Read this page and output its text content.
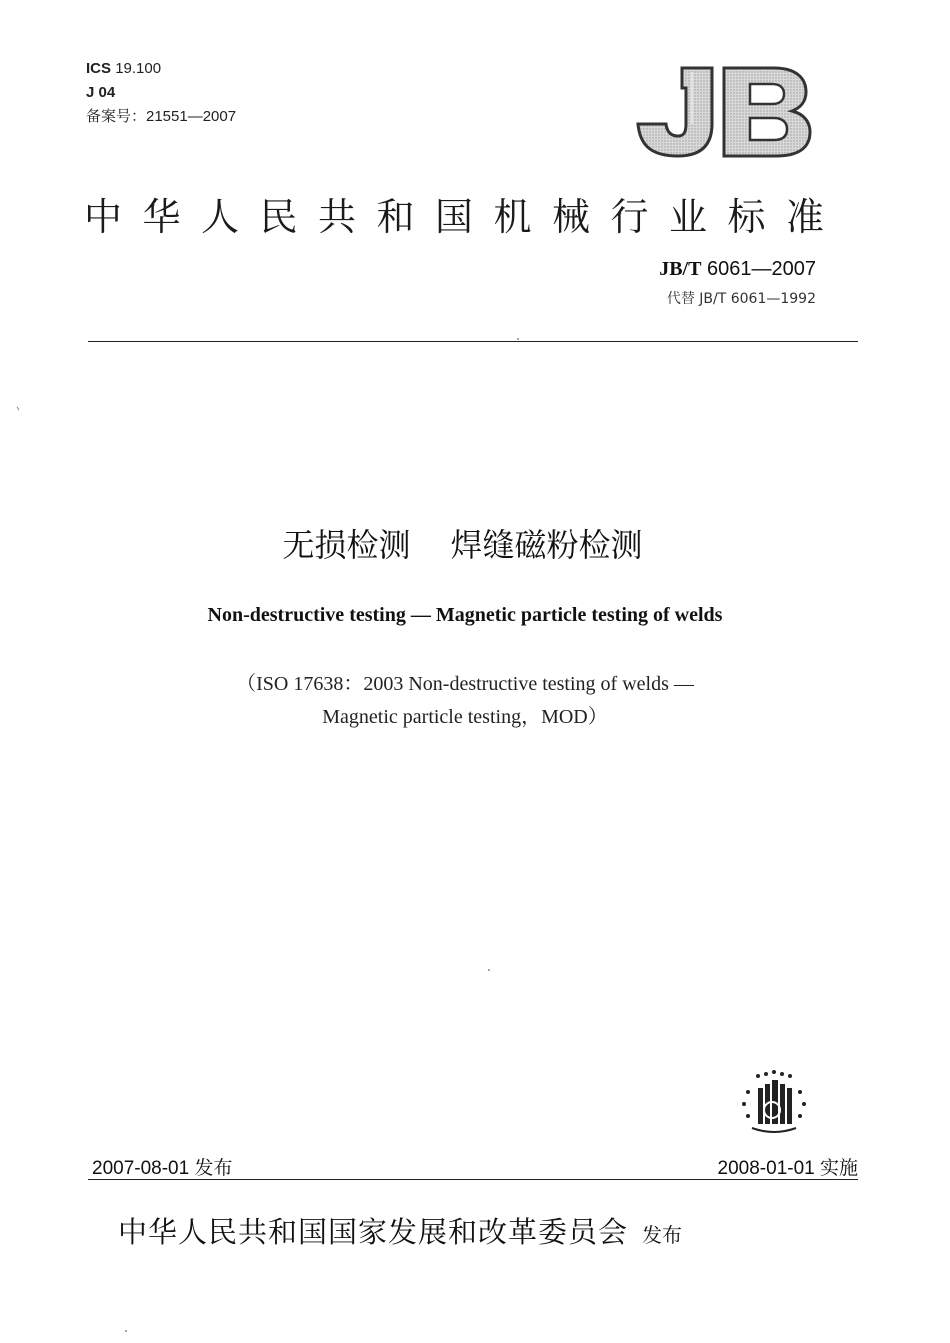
ICS 19.100
J 04
备案号：21551—2007
JB
中华人民共和国机械行业标准
JB/T 6061—2007
代替 JB/T 6061—1992
无损检测 焊缝磁粉检测
Non-destructive testing — Magnetic particle testing of welds
（ISO 17638：2003 Non-destructive testing of welds —
Magnetic particle testing，MOD）
2007-08-01 发布	2008-01-01 实施
中华人民共和国国家发展和改革委员会 发布
